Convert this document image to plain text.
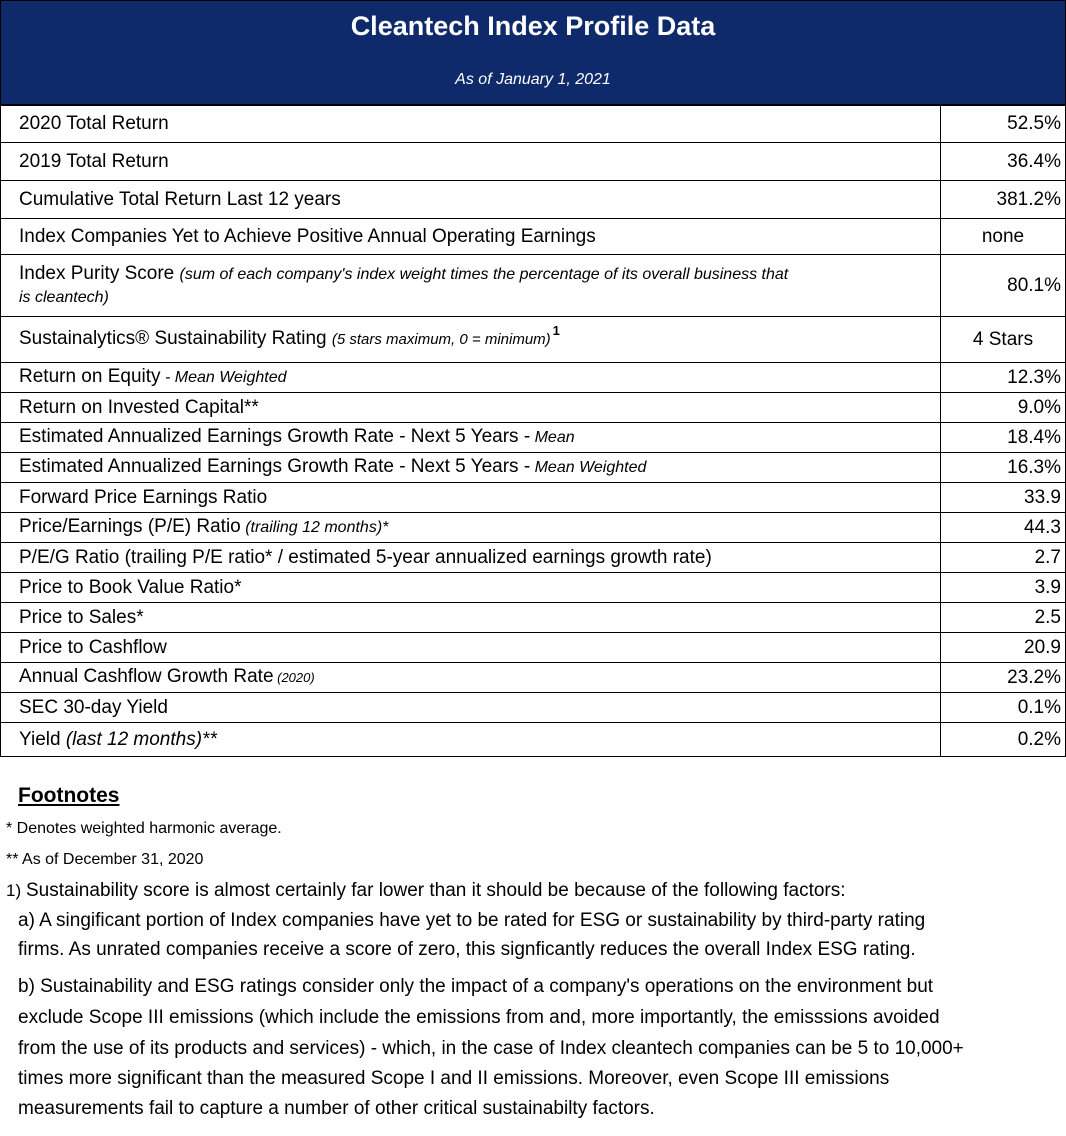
Cleantech Index Profile Data
As of January 1, 2021
2020 Total Return	52.5%
2019 Total Return	36.4%
Cumulative Total Return Last 12 years	381.2%
Index Companies Yet to Achieve Positive Annual Operating Earnings	none

Index Purity Score (sum of each company's index weight times the percentage of its overall business that is cleantech)	80.1%
Sustainalytics® Sustainability Rating (5 stars maximum, 0 = minimum)$^1$	4 Stars
Return on Equity - Mean Weighted	12.3%
Return on Invested Capital**	9.0%
Estimated Annualized Earnings Growth Rate - Next 5 Years - Mean	18.4%
Estimated Annualized Earnings Growth Rate - Next 5 Years - Mean Weighted	16.3%
Forward Price Earnings Ratio	33.9
Price/Earnings (P/E) Ratio (trailing 12 months)*	44.3
P/E/G Ratio (trailing P/E ratio* / estimated 5-year annualized earnings growth rate)	2.7
Price to Book Value Ratio*	3.9
Price to Sales*	2.5
Price to Cashflow	20.9
Annual Cashflow Growth Rate (2020)	23.2%
SEC 30-day Yield	0.1%
Yield (last 12 months)**	0.2%
Footnotes
* Denotes weighted harmonic average.
** As of December 31, 2020
1) Sustainability score is almost certainly far lower than it should be because of the following factors:
a) A singificant portion of Index companies have yet to be rated for ESG or sustainability by third-party rating
firms. As unrated companies receive a score of zero, this signficantly reduces the overall Index ESG rating.
b) Sustainability and ESG ratings consider only the impact of a company's operations on the environment but
exclude Scope III emissions (which include the emissions from and, more importantly, the emisssions avoided
from the use of its products and services) - which, in the case of Index cleantech companies can be 5 to 10,000+
times more significant than the measured Scope I and II emissions. Moreover, even Scope III emissions
measurements fail to capture a number of other critical sustainabilty factors.
